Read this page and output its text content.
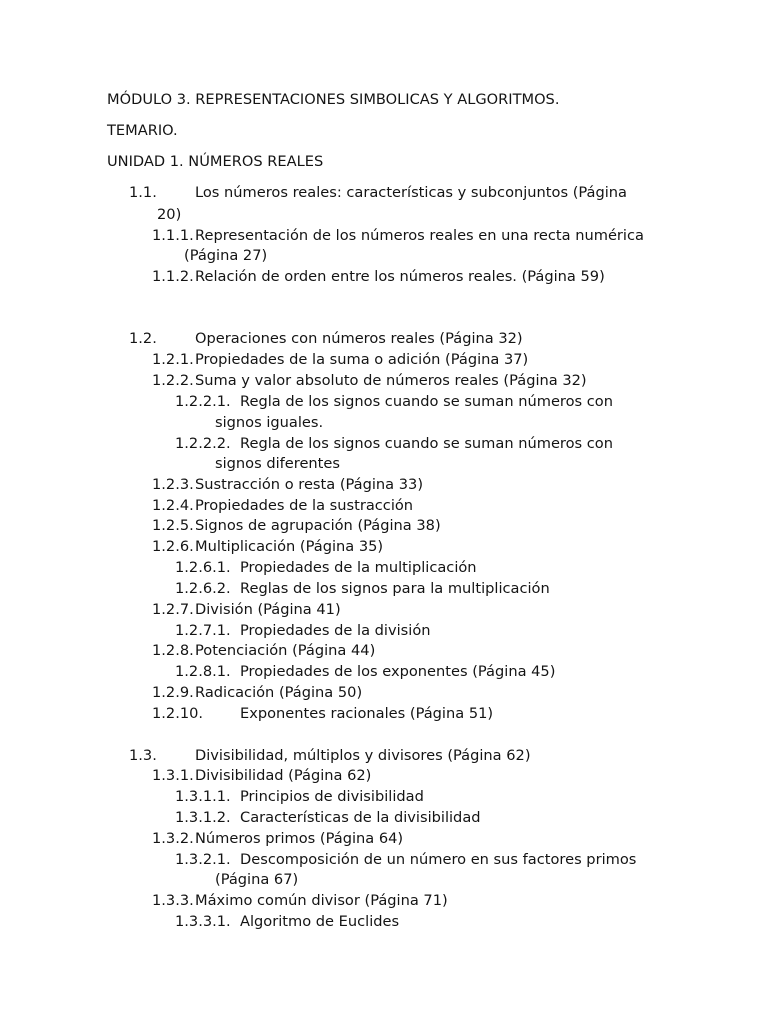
MÓDULO 3. REPRESENTACIONES SIMBOLICAS Y ALGORITMOS.
TEMARIO.
UNIDAD 1. NÚMEROS REALES
1.1.	Los números reales: características y subconjuntos (Página
20)
1.1.1. Representación de los números reales en una recta numérica
(Página 27)
1.1.2. Relación de orden entre los números reales. (Página 59)
1.2.	Operaciones con números reales (Página 32)
1.2.1. Propiedades de la suma o adición (Página 37)
1.2.2. Suma y valor absoluto de números reales (Página 32)
1.2.2.1. Regla de los signos cuando se suman números con
signos iguales.
1.2.2.2. Regla de los signos cuando se suman números con
signos diferentes
1.2.3. Sustracción o resta (Página 33)
1.2.4. Propiedades de la sustracción
1.2.5. Signos de agrupación (Página 38)
1.2.6. Multiplicación (Página 35)
1.2.6.1. Propiedades de la multiplicación
1.2.6.2. Reglas de los signos para la multiplicación
1.2.7. División (Página 41)
1.2.7.1. Propiedades de la división
1.2.8. Potenciación (Página 44)
1.2.8.1. Propiedades de los exponentes (Página 45)
1.2.9. Radicación (Página 50)
1.2.10.	Exponentes racionales (Página 51)
1.3.	Divisibilidad, múltiplos y divisores (Página 62)
1.3.1. Divisibilidad (Página 62)
1.3.1.1. Principios de divisibilidad
1.3.1.2. Características de la divisibilidad
1.3.2. Números primos (Página 64)
1.3.2.1. Descomposición de un número en sus factores primos
(Página 67)
1.3.3. Máximo común divisor (Página 71)
1.3.3.1. Algoritmo de Euclides
